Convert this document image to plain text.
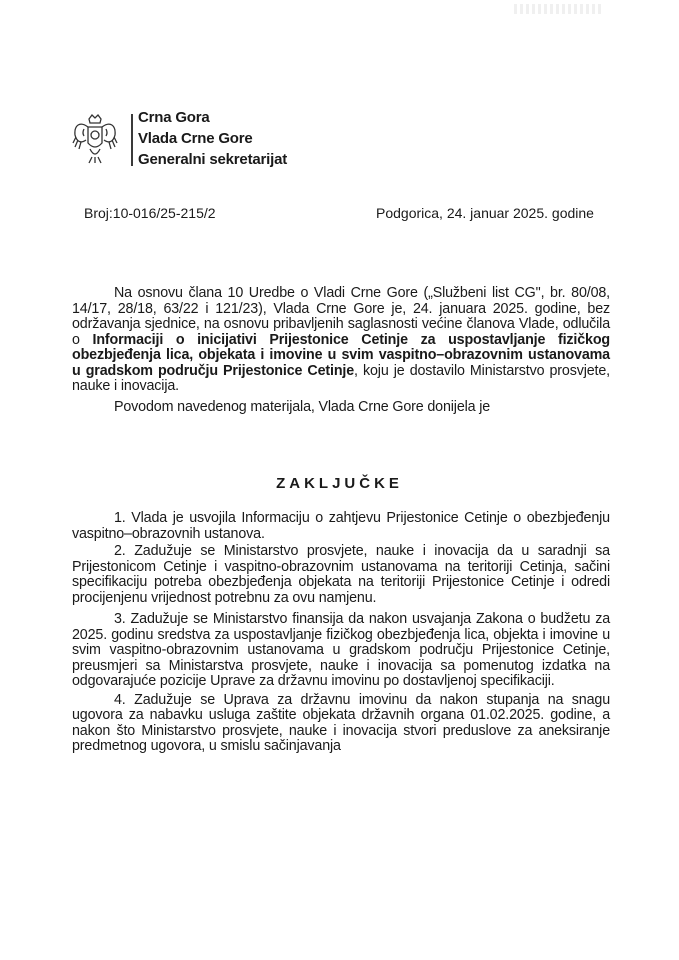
Crna Gora
Vlada Crne Gore
Generalni sekretarijat
Broj:10-016/25-215/2	Podgorica, 24. januar 2025. godine

Na osnovu člana 10 Uredbe o Vladi Crne Gore („Službeni list CG", br. 80/08, 14/17, 28/18, 63/22 i 121/23), Vlada Crne Gore je, 24. januara 2025. godine, bez održavanja sjednice, na osnovu pribavljenih saglasnosti većine članova Vlade, odlučila o Informaciji o inicijativi Prijestonice Cetinje za uspostavljanje fizičkog obezbjeđenja lica, objekata i imovine u svim vaspitno–obrazovnim ustanovama u gradskom području Prijestonice Cetinje, koju je dostavilo Ministarstvo prosvjete, nauke i inovacija.

Povodom navedenog materijala, Vlada Crne Gore donijela je

ZAKLJUČKE

1. Vlada je usvojila Informaciju o zahtjevu Prijestonice Cetinje o obezbjeđenju vaspitno–obrazovnih ustanova.

2. Zadužuje se Ministarstvo prosvjete, nauke i inovacija da u saradnji sa Prijestonicom Cetinje i vaspitno-obrazovnim ustanovama na teritoriji Cetinja, sačini specifikaciju potreba obezbjeđenja objekata na teritoriji Prijestonice Cetinje i odredi procijenjenu vrijednost potrebnu za ovu namjenu.

3. Zadužuje se Ministarstvo finansija da nakon usvajanja Zakona o budžetu za 2025. godinu sredstva za uspostavljanje fizičkog obezbjeđenja lica, objekta i imovine u svim vaspitno-obrazovnim ustanovama u gradskom području Prijestonice Cetinje, preusmjeri sa Ministarstva prosvjete, nauke i inovacija sa pomenutog izdatka na odgovarajuće pozicije Uprave za državnu imovinu po dostavljenoj specifikaciji.

4. Zadužuje se Uprava za državnu imovinu da nakon stupanja na snagu ugovora za nabavku usluga zaštite objekata državnih organa 01.02.2025. godine, a nakon što Ministarstvo prosvjete, nauke i inovacija stvori preduslove za aneksiranje predmetnog ugovora, u smislu sačinjavanja
